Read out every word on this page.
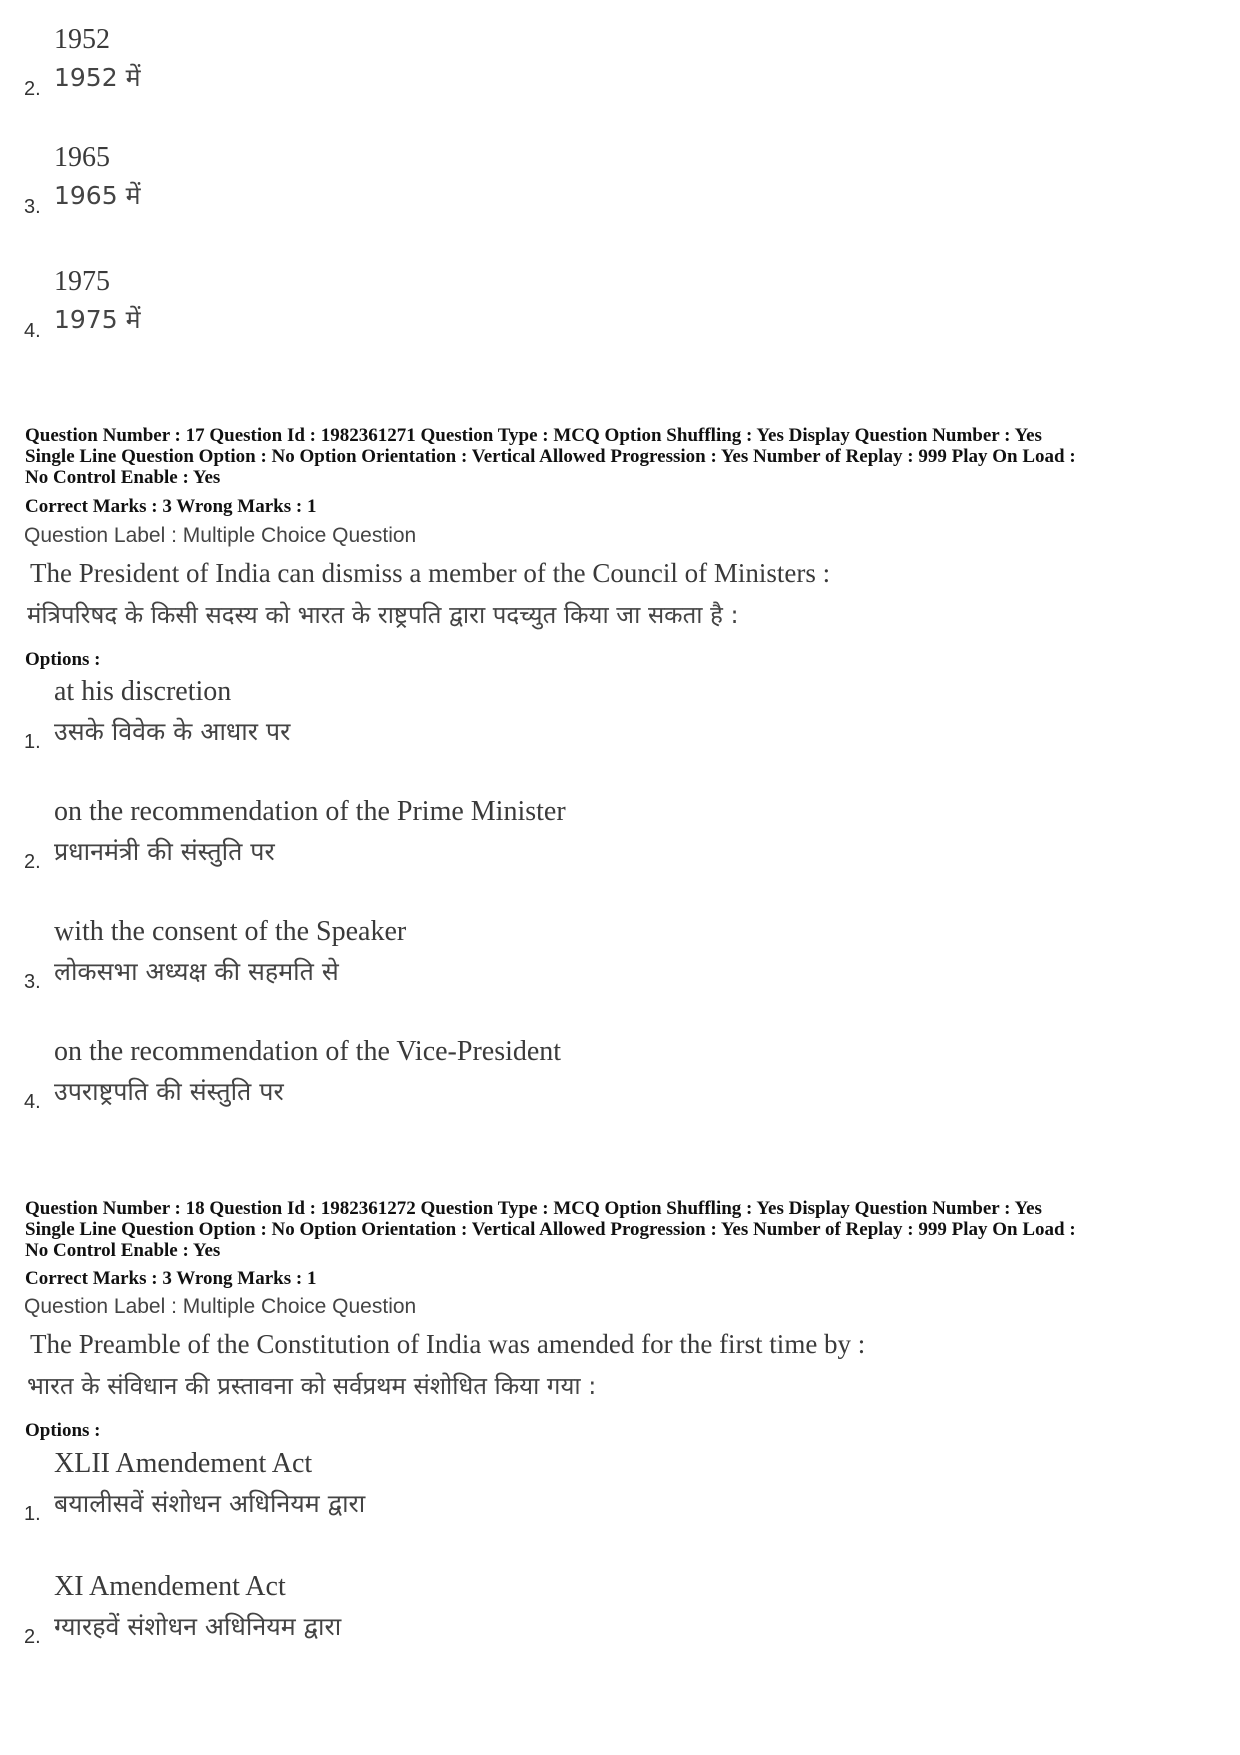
1952
1952 में
2.
1965
1965 में
3.
1975
1975 में
4.
Question Number : 17 Question Id : 1982361271 Question Type : MCQ Option Shuffling : Yes Display Question Number : Yes
Single Line Question Option : No Option Orientation : Vertical Allowed Progression : Yes Number of Replay : 999 Play On Load :
No Control Enable : Yes
Correct Marks : 3 Wrong Marks : 1
Question Label : Multiple Choice Question
The President of India can dismiss a member of the Council of Ministers :
मंत्रिपरिषद के किसी सदस्य को भारत के राष्ट्रपति द्वारा पदच्युत किया जा सकता है :
Options :
at his discretion
उसके विवेक के आधार पर
1.
on the recommendation of the Prime Minister
प्रधानमंत्री की संस्तुति पर
2.
with the consent of the Speaker
लोकसभा अध्यक्ष की सहमति से
3.
on the recommendation of the Vice-President
उपराष्ट्रपति की संस्तुति पर
4.
Question Number : 18 Question Id : 1982361272 Question Type : MCQ Option Shuffling : Yes Display Question Number : Yes
Single Line Question Option : No Option Orientation : Vertical Allowed Progression : Yes Number of Replay : 999 Play On Load :
No Control Enable : Yes
Correct Marks : 3 Wrong Marks : 1
Question Label : Multiple Choice Question
The Preamble of the Constitution of India was amended for the first time by :
भारत के संविधान की प्रस्तावना को सर्वप्रथम संशोधित किया गया :
Options :
XLII Amendement Act
बयालीसवें संशोधन अधिनियम द्वारा
1.
XI Amendement Act
ग्यारहवें संशोधन अधिनियम द्वारा
2.
